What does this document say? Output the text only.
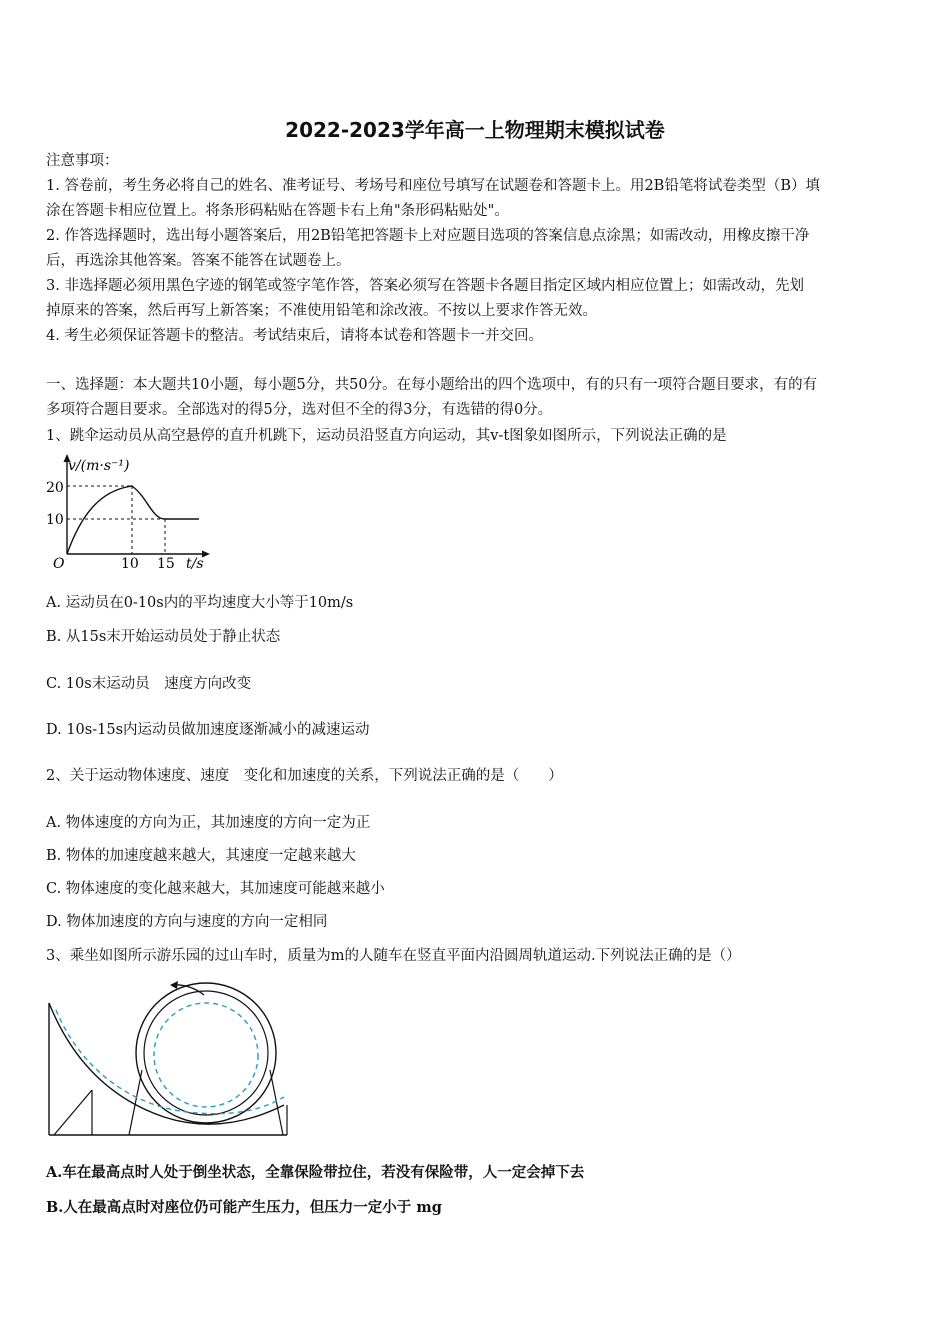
2022-2023学年高一上物理期末模拟试卷
注意事项：
1. 答卷前，考生务必将自己的姓名、准考证号、考场号和座位号填写在试题卷和答题卡上。用2B铅笔将试卷类型（B）填
涂在答题卡相应位置上。将条形码粘贴在答题卡右上角"条形码粘贴处"。
2. 作答选择题时，选出每小题答案后，用2B铅笔把答题卡上对应题目选项的答案信息点涂黑；如需改动，用橡皮擦干净
后，再选涂其他答案。答案不能答在试题卷上。
3. 非选择题必须用黑色字迹的钢笔或签字笔作答，答案必须写在答题卡各题目指定区域内相应位置上；如需改动，先划
掉原来的答案，然后再写上新答案；不准使用铅笔和涂改液。不按以上要求作答无效。
4. 考生必须保证答题卡的整洁。考试结束后，请将本试卷和答题卡一并交回。
一、选择题：本大题共10小题，每小题5分，共50分。在每小题给出的四个选项中，有的只有一项符合题目要求，有的有
多项符合题目要求。全部选对的得5分，选对但不全的得3分，有选错的得0分。
1、跳伞运动员从高空悬停的直升机跳下，运动员沿竖直方向运动，其v-t图象如图所示，下列说法正确的是
v/(m·s⁻¹)
20
10
O	10 15 t/s
A. 运动员在0-10s内的平均速度大小等于10m/s
B. 从15s末开始运动员处于静止状态
C. 10s末运动员　速度方向改变
D. 10s-15s内运动员做加速度逐渐减小的减速运动
2、关于运动物体速度、速度　变化和加速度的关系，下列说法正确的是（　　）
A. 物体速度的方向为正，其加速度的方向一定为正
B. 物体的加速度越来越大，其速度一定越来越大
C. 物体速度的变化越来越大，其加速度可能越来越小
D. 物体加速度的方向与速度的方向一定相同
3、乘坐如图所示游乐园的过山车时，质量为m的人随车在竖直平面内沿圆周轨道运动.下列说法正确的是（）
A.车在最高点时人处于倒坐状态，全靠保险带拉住，若没有保险带，人一定会掉下去
B.人在最高点时对座位仍可能产生压力，但压力一定小于 mg
